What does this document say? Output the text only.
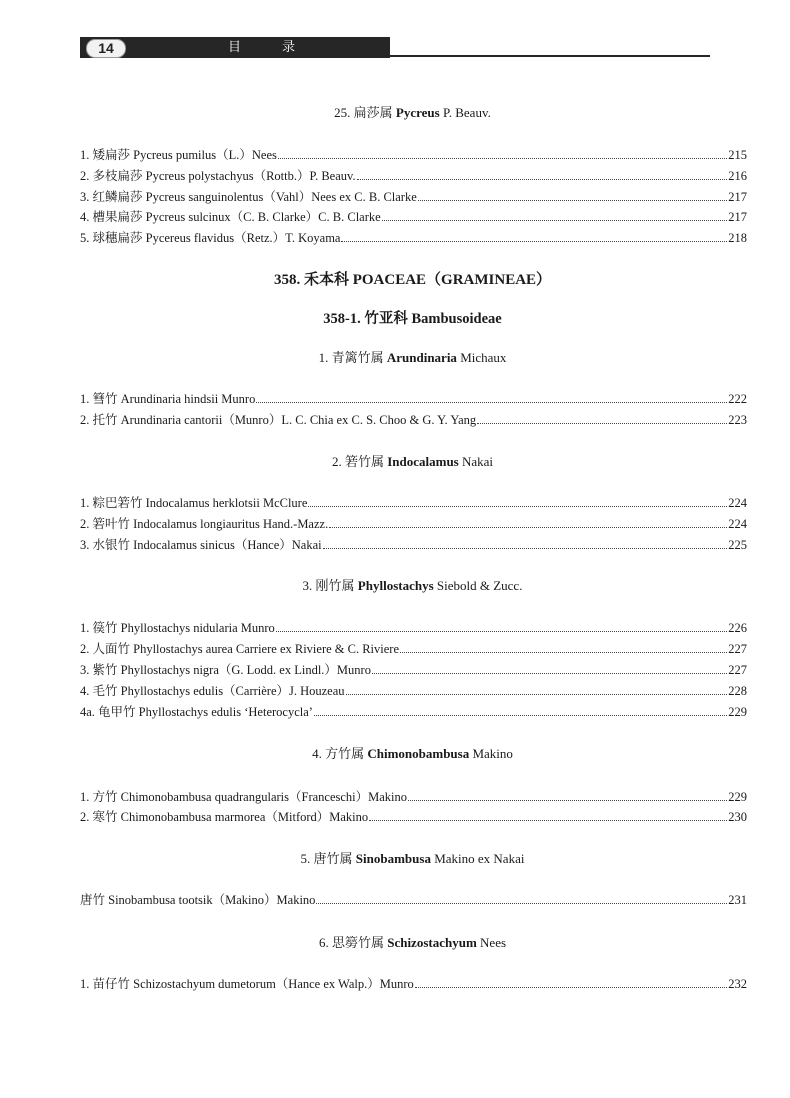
14	目　录
25. 扁莎属 Pycreus P. Beauv.
1. 矮扁莎 Pycreus pumilus（L.）Nees	215
2. 多枝扁莎 Pycreus polystachyus（Rottb.）P. Beauv.	216
3. 红鳞扁莎 Pycreus sanguinolentus（Vahl）Nees ex C. B. Clarke	217
4. 槽果扁莎 Pycreus sulcinux（C. B. Clarke）C. B. Clarke	217
5. 球穗扁莎 Pycereus flavidus（Retz.）T. Koyama	218
358. 禾本科 POACEAE（GRAMINEAE）
358-1. 竹亚科 Bambusoideae
1. 青篱竹属 Arundinaria Michaux
1. 篲竹 Arundinaria hindsii Munro	222
2. 托竹 Arundinaria cantorii（Munro）L. C. Chia ex C. S. Choo & G. Y. Yang	223
2. 箬竹属 Indocalamus Nakai
1. 粽巴箬竹 Indocalamus herklotsii McClure	224
2. 箬叶竹 Indocalamus longiauritus Hand.-Mazz.	224
3. 水银竹 Indocalamus sinicus（Hance）Nakai	225
3. 刚竹属 Phyllostachys Siebold & Zucc.
1. 篌竹 Phyllostachys nidularia Munro	226
2. 人面竹 Phyllostachys aurea Carriere ex Riviere & C. Riviere	227
3. 紫竹 Phyllostachys nigra（G. Lodd. ex Lindl.）Munro	227
4. 毛竹 Phyllostachys edulis（Carrière）J. Houzeau	228
4a. 龟甲竹 Phyllostachys edulis ‘Heterocycla’	229
4. 方竹属 Chimonobambusa Makino
1. 方竹 Chimonobambusa quadrangularis（Franceschi）Makino	229
2. 寒竹 Chimonobambusa marmorea（Mitford）Makino	230
5. 唐竹属 Sinobambusa Makino ex Nakai
唐竹 Sinobambusa tootsik（Makino）Makino	231
6. 思簩竹属 Schizostachyum Nees
1. 苗仔竹 Schizostachyum dumetorum（Hance ex Walp.）Munro	232
